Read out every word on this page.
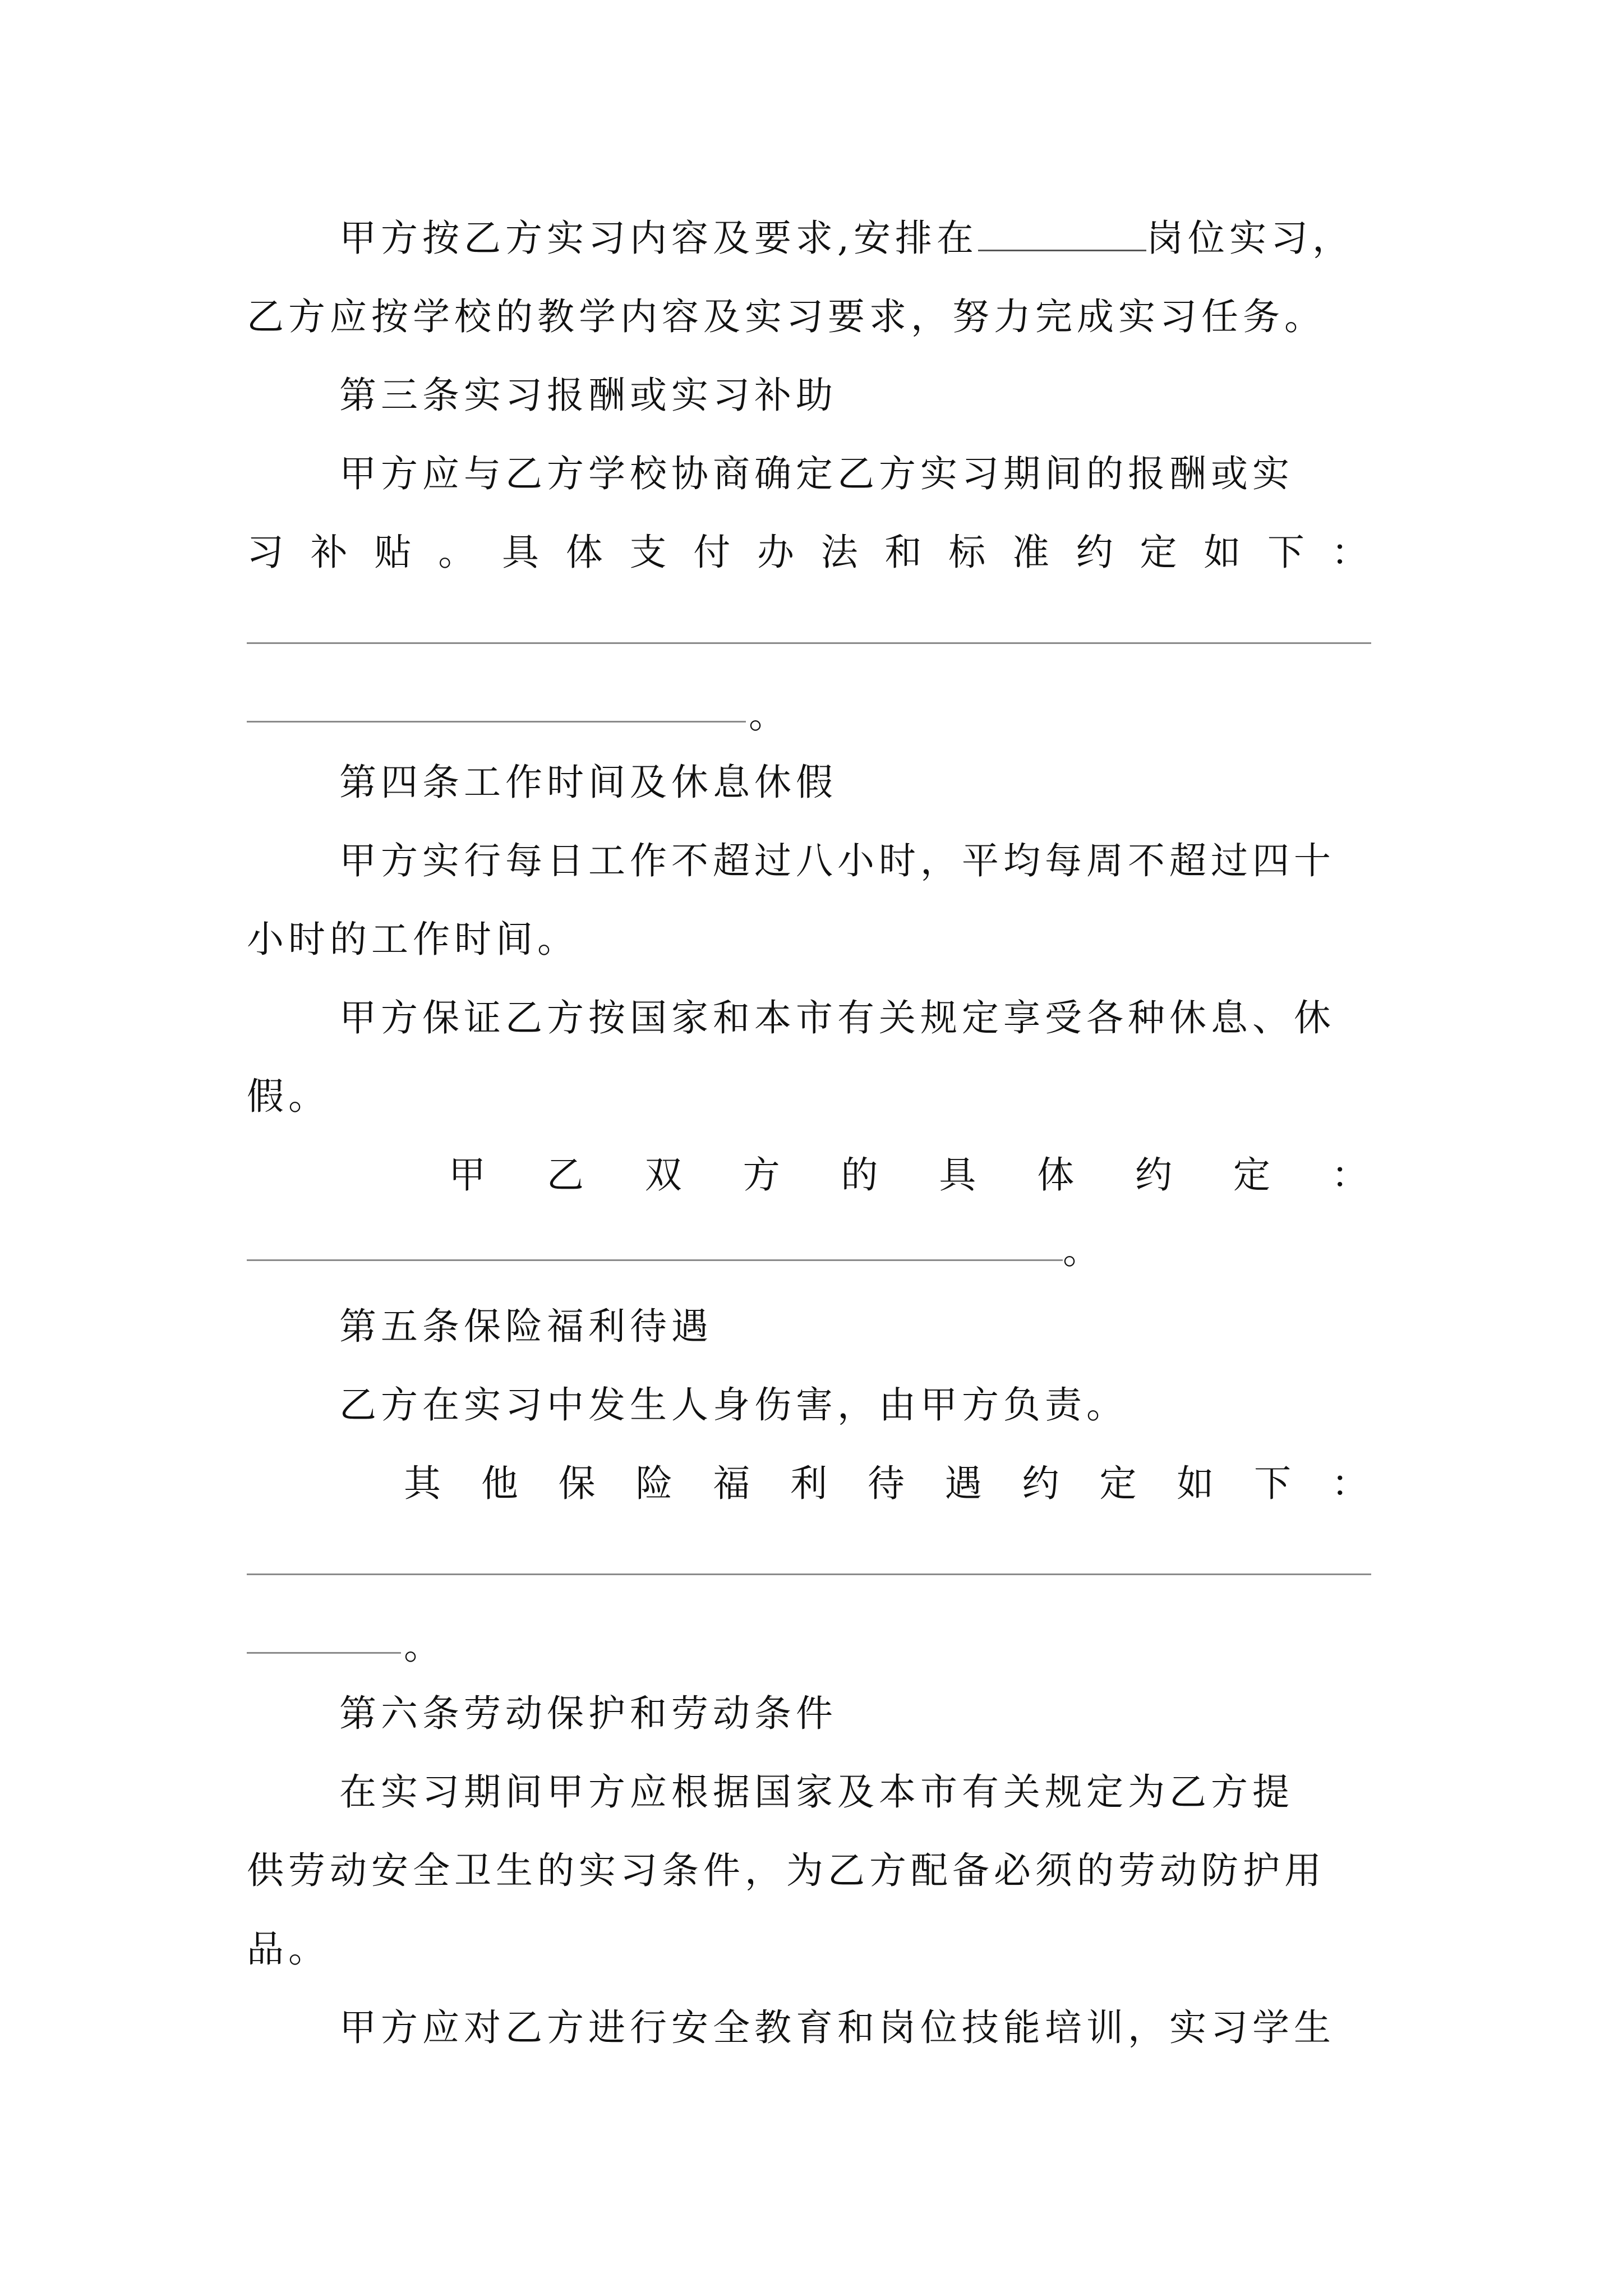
甲方按乙方实习内容及要求,安排在	岗位实习，
乙方应按学校的教学内容及实习要求，努力完成实习任务。
第三条实习报酬或实习补助
甲方应与乙方学校协商确定乙方实习期间的报酬或实
习 补 贴 。 具 体 支 付 办 法 和 标 准 约 定 如 下 ：
。
第四条工作时间及休息休假
甲方实行每日工作不超过八小时，平均每周不超过四十
小时的工作时间。
甲方保证乙方按国家和本市有关规定享受各种休息、休
假。
甲 乙 双 方 的 具 体 约 定 ：
。
第五条保险福利待遇
乙方在实习中发生人身伤害，由甲方负责。
其 他 保 险 福 利 待 遇 约 定 如 下 ：
。
第六条劳动保护和劳动条件
在实习期间甲方应根据国家及本市有关规定为乙方提
供劳动安全卫生的实习条件，为乙方配备必须的劳动防护用
品。
甲方应对乙方进行安全教育和岗位技能培训，实习学生
